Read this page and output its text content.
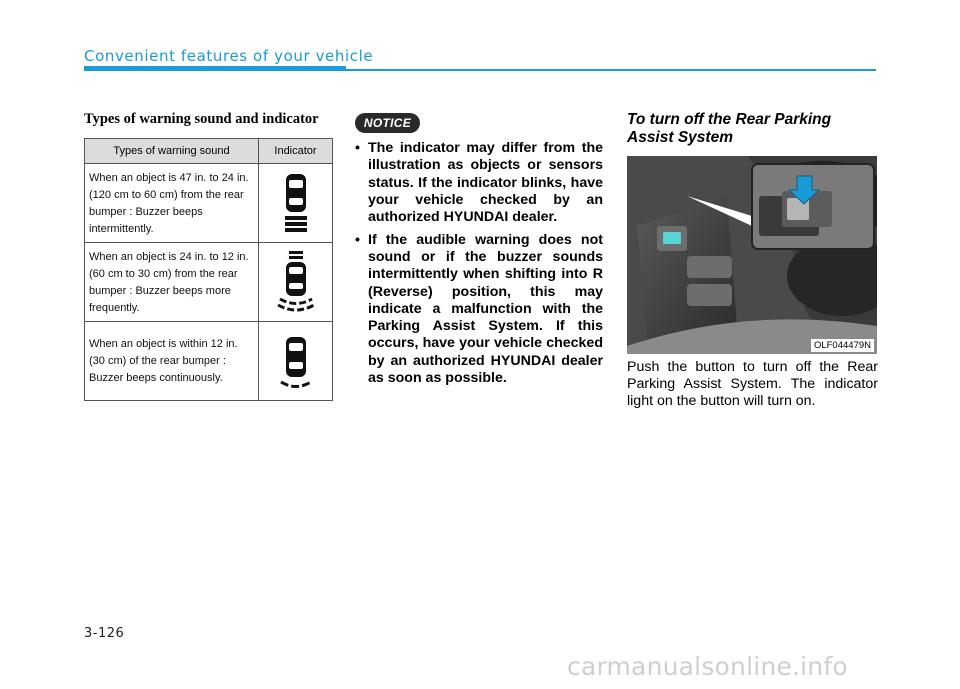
Convenient features of your vehicle
Types of warning sound and indicator
Types of warning sound	Indicator
When an object is 47 in. to 24 in. (120 cm to 60 cm) from the rear bumper : Buzzer beeps intermittently.	

When an object is 24 in. to 12 in. (60 cm to 30 cm) from the rear bumper : Buzzer beeps more frequently.	

When an object is within 12 in. (30 cm) of the rear bumper : Buzzer beeps continuously.	
NOTICE
• The indicator may differ from the illustration as objects or sensors status. If the indicator blinks, have your vehicle checked by an authorized HYUNDAI dealer.
• If the audible warning does not sound or if the buzzer sounds intermittently when shifting into R (Reverse) position, this may indicate a malfunction with the Parking Assist System. If this occurs, have your vehicle checked by an authorized HYUNDAI dealer as soon as possible.
To turn off the Rear Parking Assist System
OLF044479N

Push the button to turn off the Rear Parking Assist System. The indicator light on the button will turn on.

3-126
carmanualsonline.info
